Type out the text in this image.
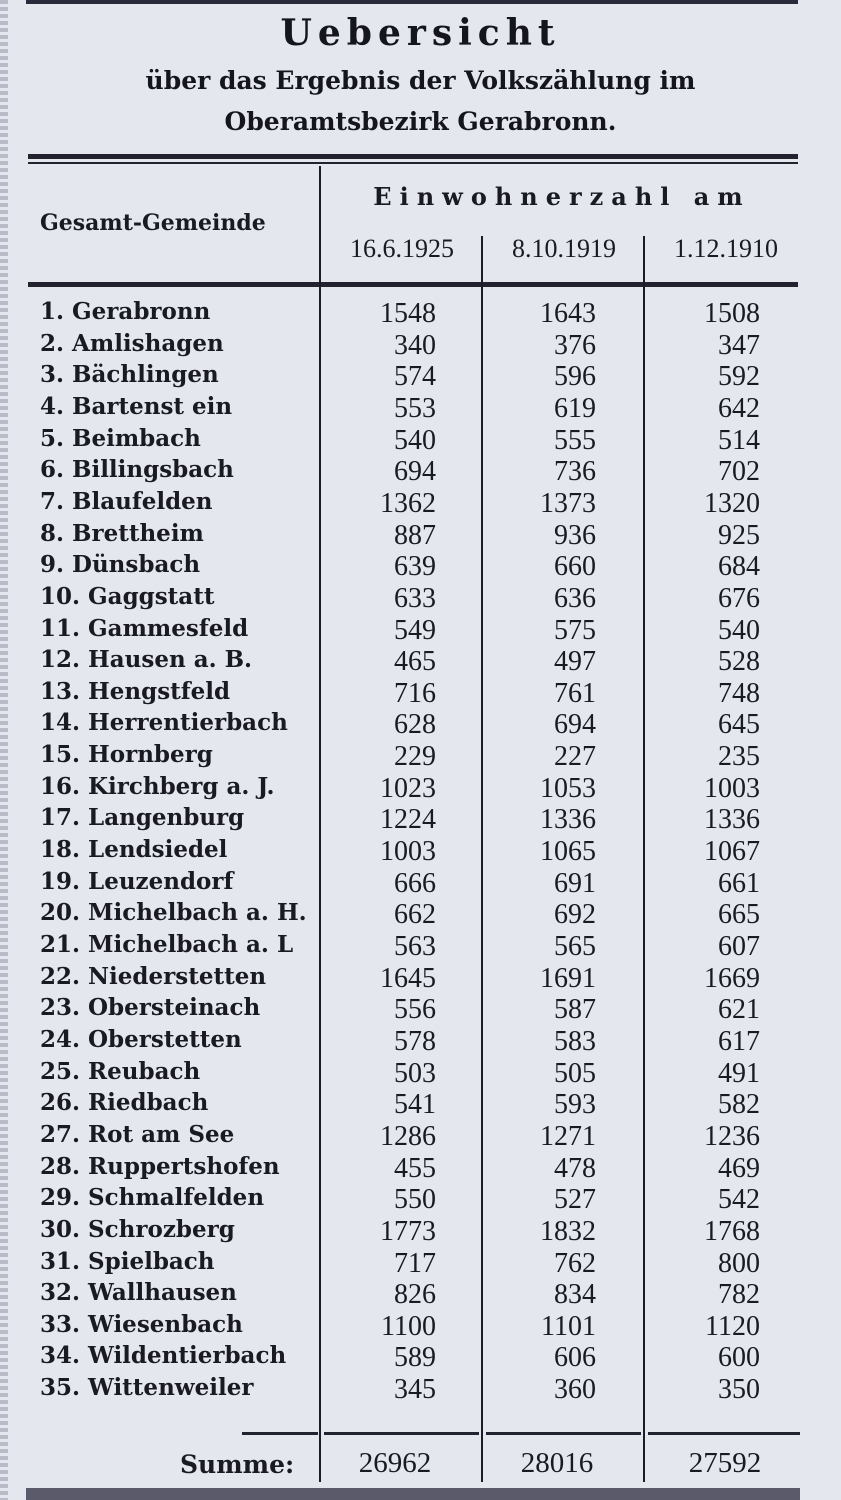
Uebersicht
über das Ergebnis der Volkszählung im
Oberamtsbezirk Gerabronn.
Gesamt-Gemeinde
Einwohnerzahl am
16.6.1925	8.10.1919	1.12.1910
1. Gerabronn	1548	1643	1508
2. Amlishagen	340	376	347
3. Bächlingen	574	596	592
4. Bartenst ein	553	619	642
5. Beimbach	540	555	514
6. Billingsbach	694	736	702
7. Blaufelden	1362	1373	1320
8. Brettheim	887	936	925
9. Dünsbach	639	660	684
10. Gaggstatt	633	636	676
11. Gammesfeld	549	575	540
12. Hausen a. B.	465	497	528
13. Hengstfeld	716	761	748
14. Herrentierbach	628	694	645
15. Hornberg	229	227	235
16. Kirchberg a. J.	1023	1053	1003
17. Langenburg	1224	1336	1336
18. Lendsiedel	1003	1065	1067
19. Leuzendorf	666	691	661
20. Michelbach a. H.	662	692	665
21. Michelbach a. L	563	565	607
22. Niederstetten	1645	1691	1669
23. Obersteinach	556	587	621
24. Oberstetten	578	583	617
25. Reubach	503	505	491
26. Riedbach	541	593	582
27. Rot am See	1286	1271	1236
28. Ruppertshofen	455	478	469
29. Schmalfelden	550	527	542
30. Schrozberg	1773	1832	1768
31. Spielbach	717	762	800
32. Wallhausen	826	834	782
33. Wiesenbach	1100	1101	1120
34. Wildentierbach	589	606	600
35. Wittenweiler	345	360	350
Summe:	26962	28016	27592
